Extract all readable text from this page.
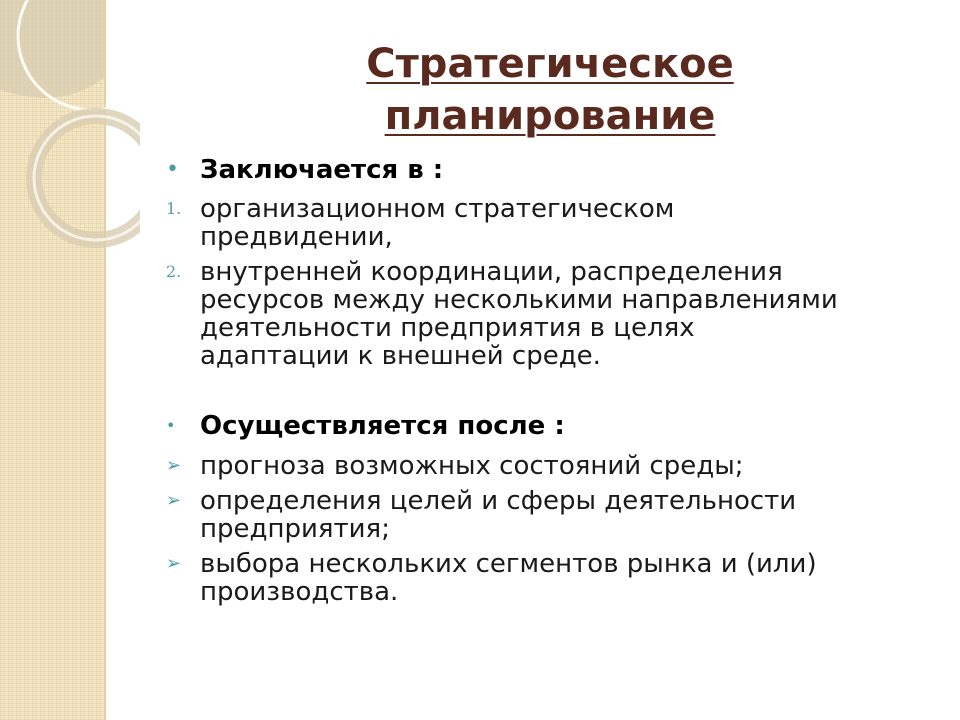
Стратегическое
планирование
• Заключается в :
1. организационном стратегическом
предвидении,
2. внутренней координации, распределения
ресурсов между несколькими направлениями
деятельности предприятия в целях
адаптации к внешней среде.
• Осуществляется после :
➢ прогноза возможных состояний среды;
➢ определения целей и сферы деятельности
предприятия;
➢ выбора нескольких сегментов рынка и (или)
производства.
